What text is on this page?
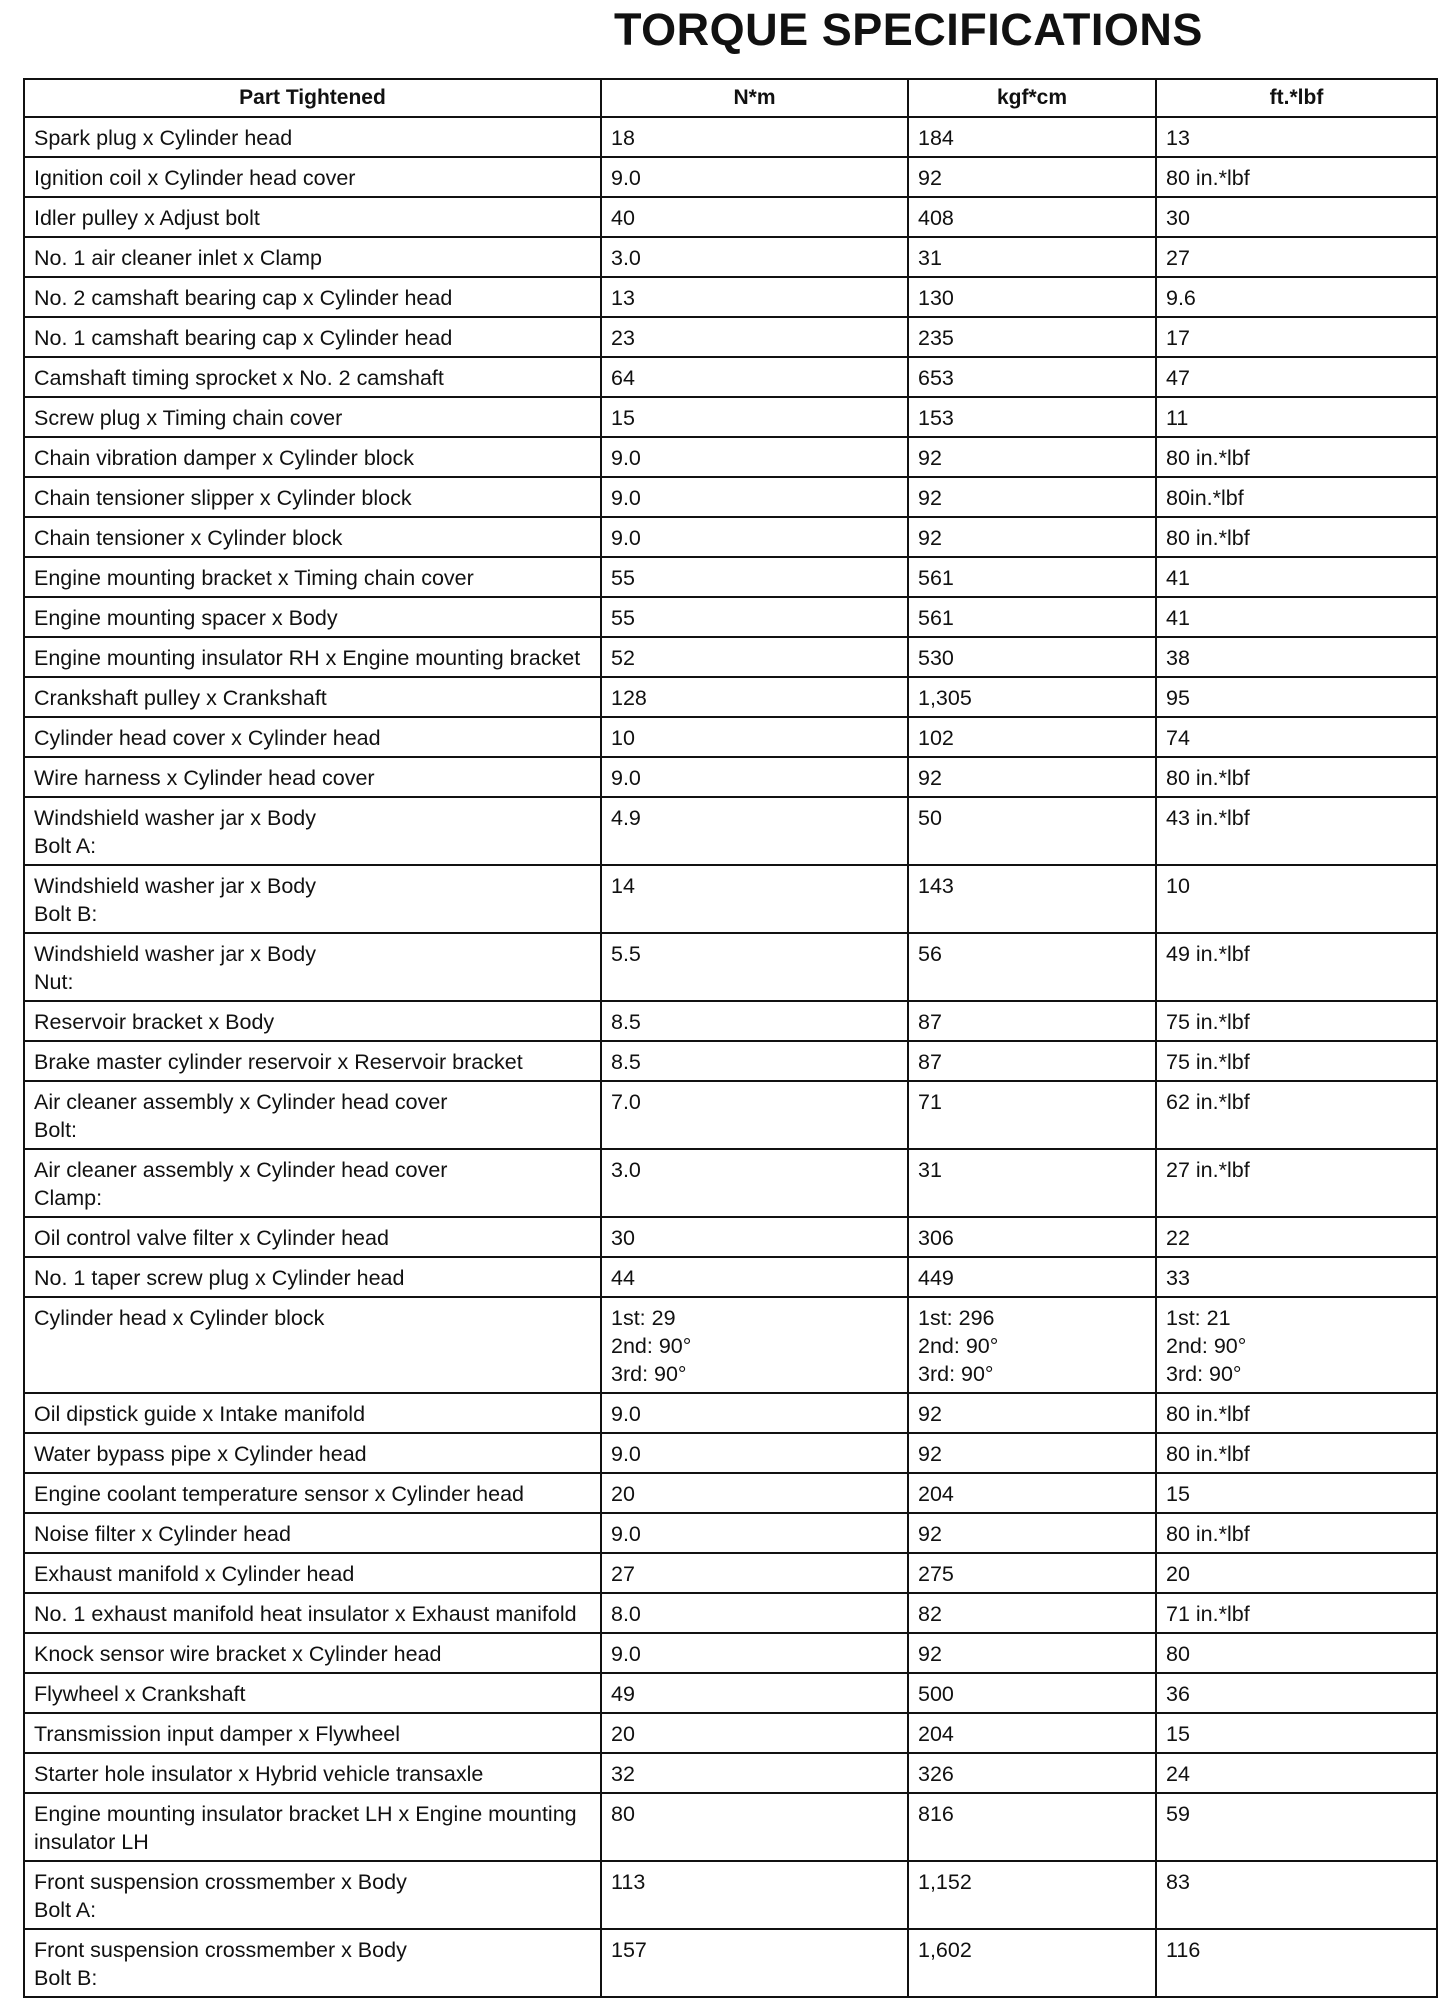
TORQUE SPECIFICATIONS
Part Tightened	N*m	kgf*cm	ft.*lbf
Spark plug x Cylinder head	18	184	13
Ignition coil x Cylinder head cover	9.0	92	80 in.*lbf
Idler pulley x Adjust bolt	40	408	30
No. 1 air cleaner inlet x Clamp	3.0	31	27
No. 2 camshaft bearing cap x Cylinder head	13	130	9.6
No. 1 camshaft bearing cap x Cylinder head	23	235	17
Camshaft timing sprocket x No. 2 camshaft	64	653	47
Screw plug x Timing chain cover	15	153	11
Chain vibration damper x Cylinder block	9.0	92	80 in.*lbf
Chain tensioner slipper x Cylinder block	9.0	92	80in.*lbf
Chain tensioner x Cylinder block	9.0	92	80 in.*lbf
Engine mounting bracket x Timing chain cover	55	561	41
Engine mounting spacer x Body	55	561	41
Engine mounting insulator RH x Engine mounting bracket	52	530	38
Crankshaft pulley x Crankshaft	128	1,305	95
Cylinder head cover x Cylinder head	10	102	74
Wire harness x Cylinder head cover	9.0	92	80 in.*lbf
Windshield washer jar x Body
Bolt A:	4.9	50	43 in.*lbf
Windshield washer jar x Body
Bolt B:	14	143	10
Windshield washer jar x Body
Nut:	5.5	56	49 in.*lbf
Reservoir bracket x Body	8.5	87	75 in.*lbf
Brake master cylinder reservoir x Reservoir bracket	8.5	87	75 in.*lbf
Air cleaner assembly x Cylinder head cover
Bolt:	7.0	71	62 in.*lbf
Air cleaner assembly x Cylinder head cover
Clamp:	3.0	31	27 in.*lbf
Oil control valve filter x Cylinder head	30	306	22
No. 1 taper screw plug x Cylinder head	44	449	33
Cylinder head x Cylinder block	1st: 29
2nd: 90°
3rd: 90°	1st: 296
2nd: 90°
3rd: 90°	1st: 21
2nd: 90°
3rd: 90°
Oil dipstick guide x Intake manifold	9.0	92	80 in.*lbf
Water bypass pipe x Cylinder head	9.0	92	80 in.*lbf
Engine coolant temperature sensor x Cylinder head	20	204	15
Noise filter x Cylinder head	9.0	92	80 in.*lbf
Exhaust manifold x Cylinder head	27	275	20
No. 1 exhaust manifold heat insulator x Exhaust manifold	8.0	82	71 in.*lbf
Knock sensor wire bracket x Cylinder head	9.0	92	80
Flywheel x Crankshaft	49	500	36
Transmission input damper x Flywheel	20	204	15
Starter hole insulator x Hybrid vehicle transaxle	32	326	24
Engine mounting insulator bracket LH x Engine mounting insulator LH	80	816	59
Front suspension crossmember x Body
Bolt A:	113	1,152	83
Front suspension crossmember x Body
Bolt B:	157	1,602	116
